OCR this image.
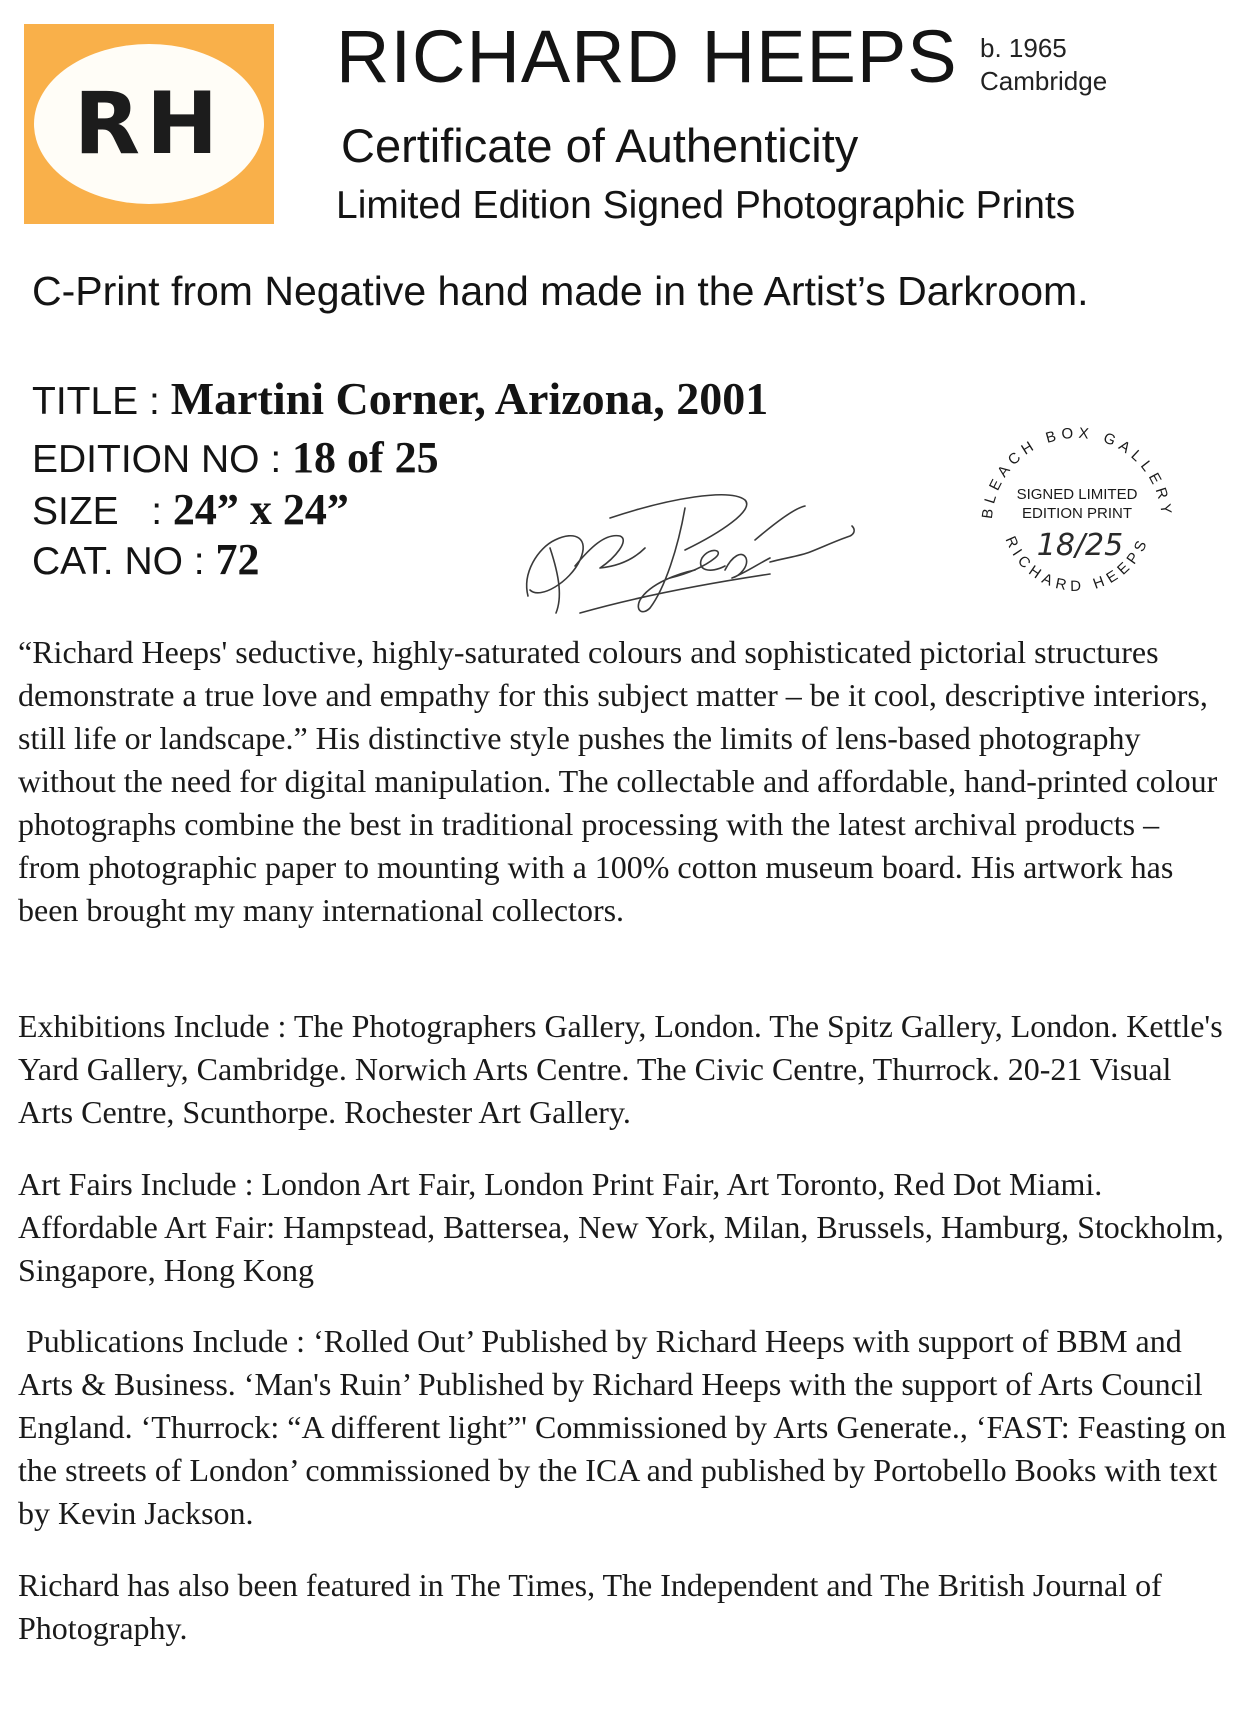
RH
RICHARD HEEPS b. 1965
Cambridge
Certificate of Authenticity
Limited Edition Signed Photographic Prints
C-Print from Negative hand made in the Artist’s Darkroom.
TITLE : Martini Corner, Arizona, 2001
EDITION NO : 18 of 25
SIZE   : 24” x 24”
CAT. NO : 72
BLEACH BOX GALLERY
RICHARD HEEPS
SIGNED LIMITED
EDITION PRINT
18/25
“Richard Heeps' seductive, highly-saturated colours and sophisticated pictorial structures demonstrate a true love and empathy for this subject matter – be it cool, descriptive interiors, still life or landscape.” His distinctive style pushes the limits of lens-based photography without the need for digital manipulation. The collectable and affordable, hand-printed colour photographs combine the best in traditional processing with the latest archival products – from photographic paper to mounting with a 100% cotton museum board. His artwork has been brought my many international collectors.
Exhibitions Include : The Photographers Gallery, London. The Spitz Gallery, London. Kettle's Yard Gallery, Cambridge. Norwich Arts Centre. The Civic Centre, Thurrock. 20-21 Visual Arts Centre, Scunthorpe. Rochester Art Gallery.
Art Fairs Include : London Art Fair, London Print Fair, Art Toronto, Red Dot Miami. Affordable Art Fair: Hampstead, Battersea, New York, Milan, Brussels, Hamburg, Stockholm, Singapore, Hong Kong
Publications Include : ‘Rolled Out’ Published by Richard Heeps with support of BBM and Arts & Business. ‘Man's Ruin’ Published by Richard Heeps with the support of Arts Council England. ‘Thurrock: “A different light”' Commissioned by Arts Generate., ‘FAST: Feasting on the streets of London’ commissioned by the ICA and published by Portobello Books with text by Kevin Jackson.
Richard has also been featured in The Times, The Independent and The British Journal of Photography.
